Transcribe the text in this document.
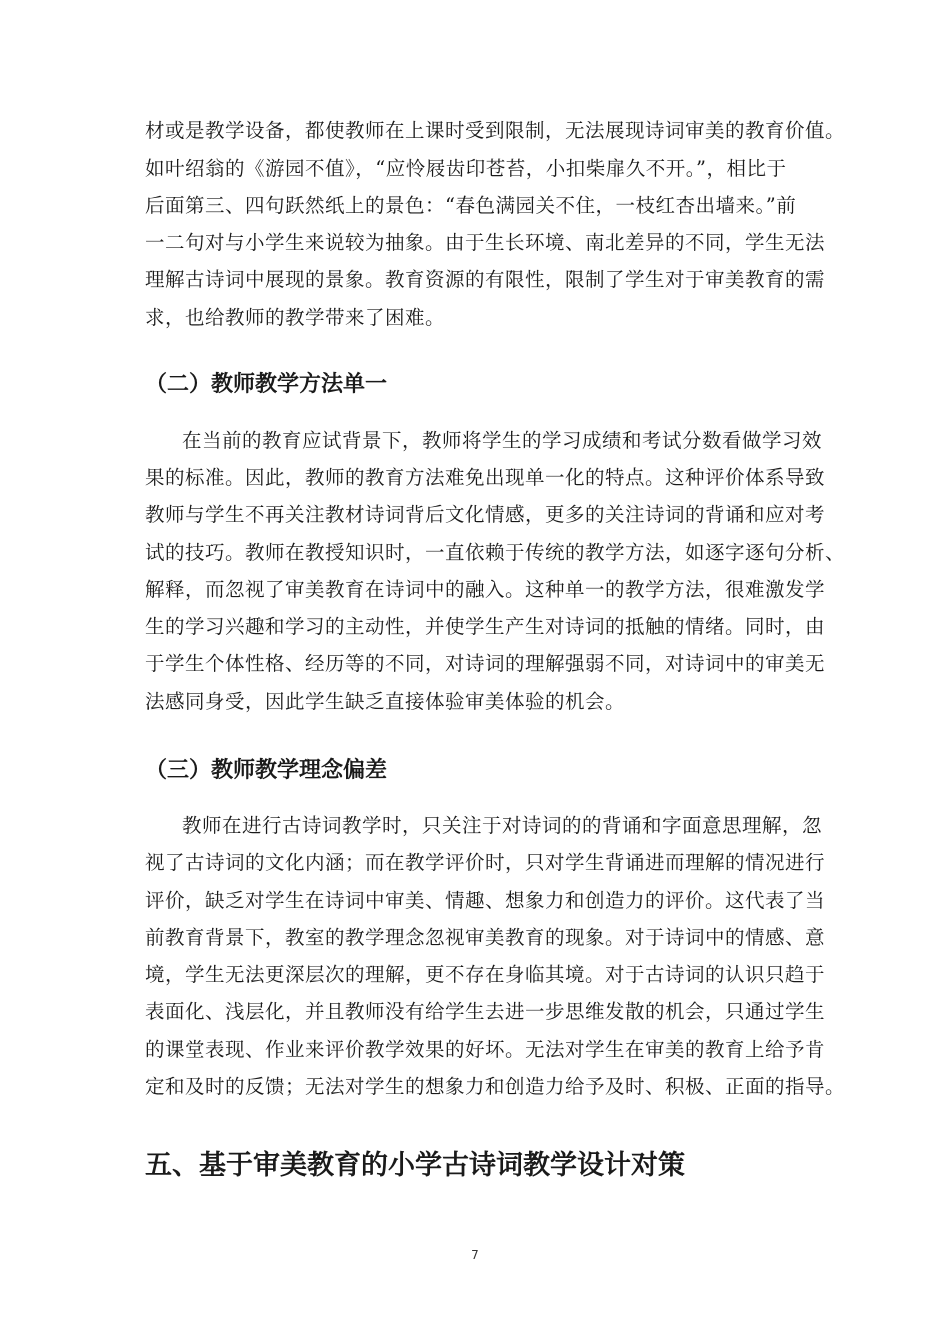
材或是教学设备，都使教师在上课时受到限制，无法展现诗词审美的教育价值。
如叶绍翁的《游园不值》，“应怜屐齿印苍苔，小扣柴扉久不开。”，相比于
后面第三、四句跃然纸上的景色：“春色满园关不住，一枝红杏出墙来。”前
一二句对与小学生来说较为抽象。由于生长环境、南北差异的不同，学生无法
理解古诗词中展现的景象。教育资源的有限性，限制了学生对于审美教育的需
求，也给教师的教学带来了困难。
（二）教师教学方法单一
在当前的教育应试背景下，教师将学生的学习成绩和考试分数看做学习效
果的标准。因此，教师的教育方法难免出现单一化的特点。这种评价体系导致
教师与学生不再关注教材诗词背后文化情感，更多的关注诗词的背诵和应对考
试的技巧。教师在教授知识时，一直依赖于传统的教学方法，如逐字逐句分析、
解释，而忽视了审美教育在诗词中的融入。这种单一的教学方法，很难激发学
生的学习兴趣和学习的主动性，并使学生产生对诗词的抵触的情绪。同时，由
于学生个体性格、经历等的不同，对诗词的理解强弱不同，对诗词中的审美无
法感同身受，因此学生缺乏直接体验审美体验的机会。
（三）教师教学理念偏差
教师在进行古诗词教学时，只关注于对诗词的的背诵和字面意思理解，忽
视了古诗词的文化内涵；而在教学评价时，只对学生背诵进而理解的情况进行
评价，缺乏对学生在诗词中审美、情趣、想象力和创造力的评价。这代表了当
前教育背景下，教室的教学理念忽视审美教育的现象。对于诗词中的情感、意
境，学生无法更深层次的理解，更不存在身临其境。对于古诗词的认识只趋于
表面化、浅层化，并且教师没有给学生去进一步思维发散的机会，只通过学生
的课堂表现、作业来评价教学效果的好坏。无法对学生在审美的教育上给予肯
定和及时的反馈；无法对学生的想象力和创造力给予及时、积极、正面的指导。
五、基于审美教育的小学古诗词教学设计对策
7
